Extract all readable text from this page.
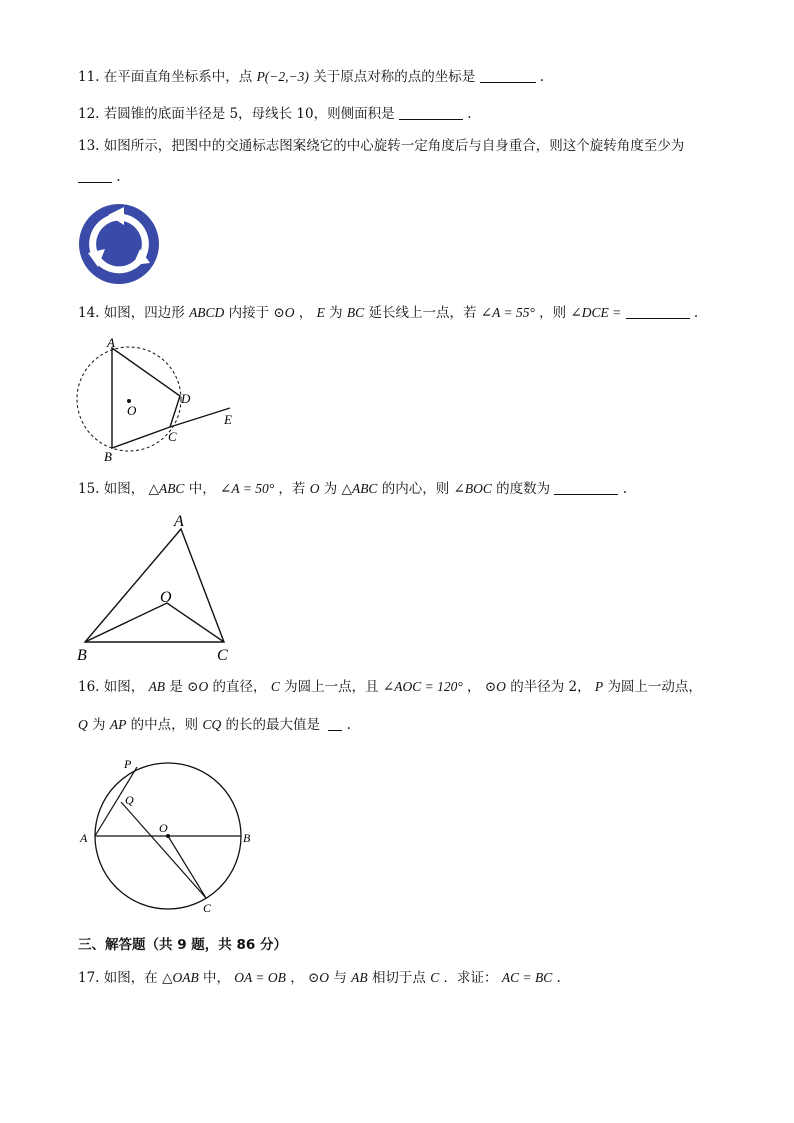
11. 在平面直角坐标系中，点 P(−2,−3) 关于原点对称的点的坐标是	.
12. 若圆锥的底面半径是 5，母线长 10，则侧面积是	.
13. 如图所示，把图中的交通标志图案绕它的中心旋转一定角度后与自身重合，则这个旋转角度至少为
.
14. 如图，四边形 ABCD 内接于 ⊙O ， E 为 BC 延长线上一点，若 ∠A = 55° ，则 ∠DCE =	.
A
B
C
D
E
O
15. 如图， △ABC 中， ∠A = 50° ，若 O 为 △ABC 的内心，则 ∠BOC 的度数为	.
A
B	C
O
16. 如图， AB 是 ⊙O 的直径， C 为圆上一点，且 ∠AOC = 120° ， ⊙O 的半径为 2， P 为圆上一动点，
Q 为 AP 的中点，则 CQ 的长的最大值是 .
A	B
C
O
P
Q
三、解答题（共 9 题，共 86 分）
17. 如图，在 △OAB 中， OA = OB ， ⊙O 与 AB 相切于点 C ．求证： AC = BC .
